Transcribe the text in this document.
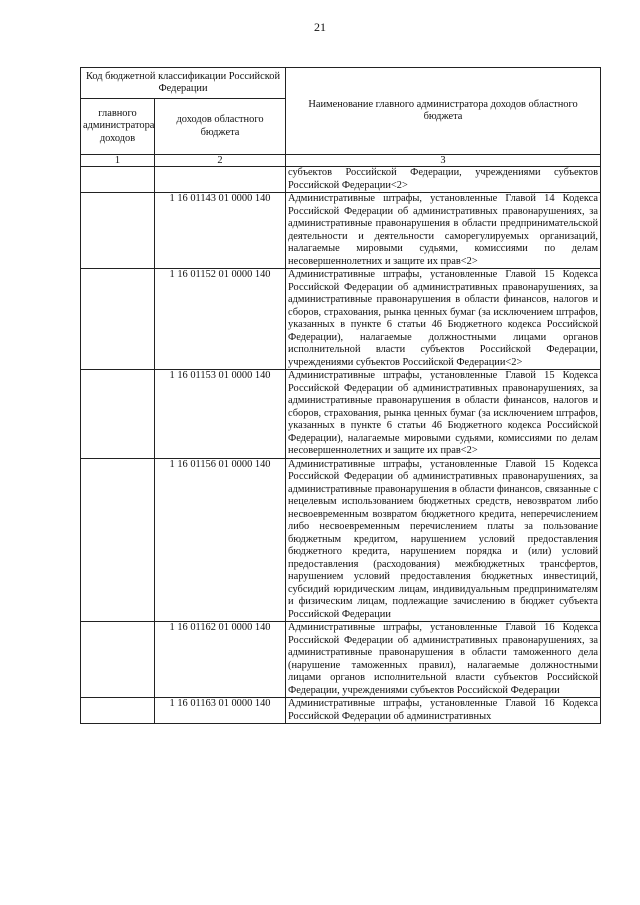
21
Код бюджетной классификации Российской Федерации		Наименование главного администратора доходов областного бюджета
главного администратора доходов	доходов областного бюджета	
1	2	3
		субъектов Российской Федерации, учреждениями субъектов Российской Федерации<2>
	1 16 01143 01 0000 140	Административные штрафы, установленные Главой 14 Кодекса Российской Федерации об административных правонарушениях, за административные правонарушения в области предпринимательской деятельности и деятельности саморегулируемых организаций, налагаемые мировыми судьями, комиссиями по делам несовершеннолетних и защите их прав<2>
	1 16 01152 01 0000 140	Административные штрафы, установленные Главой 15 Кодекса Российской Федерации об административных правонарушениях, за административные правонарушения в области финансов, налогов и сборов, страхования, рынка ценных бумаг (за исключением штрафов, указанных в пункте 6 статьи 46 Бюджетного кодекса Российской Федерации), налагаемые должностными лицами органов исполнительной власти субъектов Российской Федерации, учреждениями субъектов Российской Федерации<2>
	1 16 01153 01 0000 140	Административные штрафы, установленные Главой 15 Кодекса Российской Федерации об административных правонарушениях, за административные правонарушения в области финансов, налогов и сборов, страхования, рынка ценных бумаг (за исключением штрафов, указанных в пункте 6 статьи 46 Бюджетного кодекса Российской Федерации), налагаемые мировыми судьями, комиссиями по делам несовершеннолетних и защите их прав<2>
	1 16 01156 01 0000 140	Административные штрафы, установленные Главой 15 Кодекса Российской Федерации об административных правонарушениях, за административные правонарушения в области финансов, связанные с нецелевым использованием бюджетных средств, невозвратом либо несвоевременным возвратом бюджетного кредита, неперечислением либо несвоевременным перечислением платы за пользование бюджетным кредитом, нарушением условий предоставления бюджетного кредита, нарушением порядка и (или) условий предоставления (расходования) межбюджетных трансфертов, нарушением условий предоставления бюджетных инвестиций, субсидий юридическим лицам, индивидуальным предпринимателям и физическим лицам, подлежащие зачислению в бюджет субъекта Российской Федерации
	1 16 01162 01 0000 140	Административные штрафы, установленные Главой 16 Кодекса Российской Федерации об административных правонарушениях, за административные правонарушения в области таможенного дела (нарушение таможенных правил), налагаемые должностными лицами органов исполнительной власти субъектов Российской Федерации, учреждениями субъектов Российской Федерации
	1 16 01163 01 0000 140	Административные штрафы, установленные Главой 16 Кодекса Российской Федерации об административных
